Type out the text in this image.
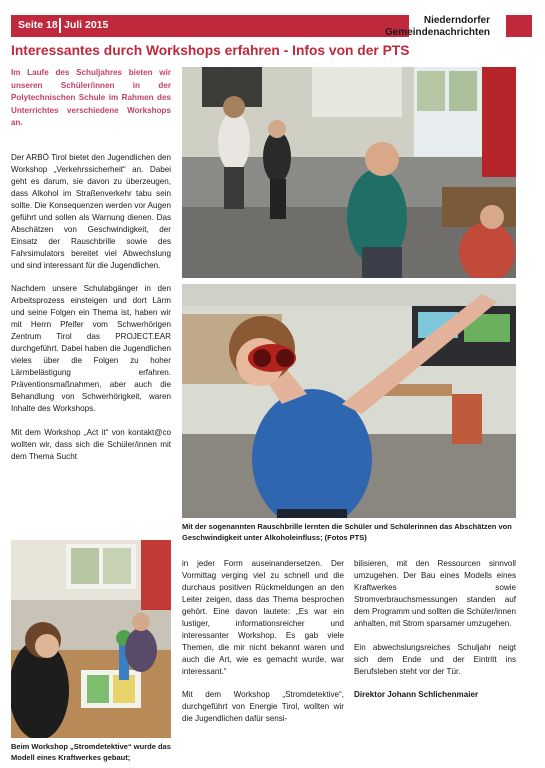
Seite 18 Juli 2015	Niederndorfer
Gemeindenachrichten
Interessantes durch Workshops erfahren - Infos von der PTS

Im Laufe des Schuljahres bieten wir unseren Schüler/innen in der Polytechnischen Schule im Rahmen des Unterrichtes verschiedene Workshops an.

Der ARBÖ Tirol bietet den Jugendlichen den Workshop „Verkehrssicherheit“ an. Dabei geht es darum, sie davon zu überzeugen, dass Alkohol im Straßenverkehr tabu sein sollte. Die Konsequenzen werden vor Augen geführt und sollen als Warnung dienen. Das Abschätzen von Geschwindigkeit, der Einsatz der Rauschbrille sowie des Fahrsimulators bereitet viel Abwechslung und sind interessant für die Jugendlichen.

Nachdem unsere Schulabgänger in den Arbeitsprozess einsteigen und dort Lärm und seine Folgen ein Thema ist, haben wir mit Herrn Pfeifer vom Schwerhörigen Zentrum Tirol das PROJECT.EAR durchgeführt. Dabei haben die Jugendlichen vieles über die Folgen zu hoher Lärmbelästigung erfahren. Präventionsmaßnahmen, aber auch die Behandlung von Schwerhörigkeit, waren Inhalte des Workshops.

Mit dem Workshop „Act it“ von kontakt@co wollten wir, dass sich die Schüler/innen mit dem Thema Sucht

Mit der sogenannten Rauschbrille lernten die Schüler und Schülerinnen das Abschätzen von Geschwindigkeit unter Alkoholeinfluss; (Fotos PTS)

Beim Workshop „Stromdetektive“ wurde das Modell eines Kraftwerkes gebaut;

in jeder Form auseinandersetzen. Der Vormittag verging viel zu schnell und die durchaus positiven Rückmeldungen an den Leiter zeigen, dass das Thema besprochen gehört. Eine davon lautete: „Es war ein lustiger, informationsreicher und interessanter Workshop. Es gab viele Themen, die mir nicht bekannt waren und auch die Art, wie es gemacht wurde, war interessant.“

Mit dem Workshop „Stromdetektive“, durchgeführt von Energie Tirol, wollten wir die Jugendlichen dafür sensi-

bilisieren, mit den Ressourcen sinnvoll umzugehen. Der Bau eines Modells eines Kraftwerkes sowie Stromverbrauchsmessungen standen auf dem Programm und sollten die Schüler/innen anhalten, mit Strom sparsamer umzugehen.

Ein abwechslungsreiches Schuljahr neigt sich dem Ende und der Eintritt ins Berufsleben steht vor der Tür.

Direktor Johann Schlichenmaier
